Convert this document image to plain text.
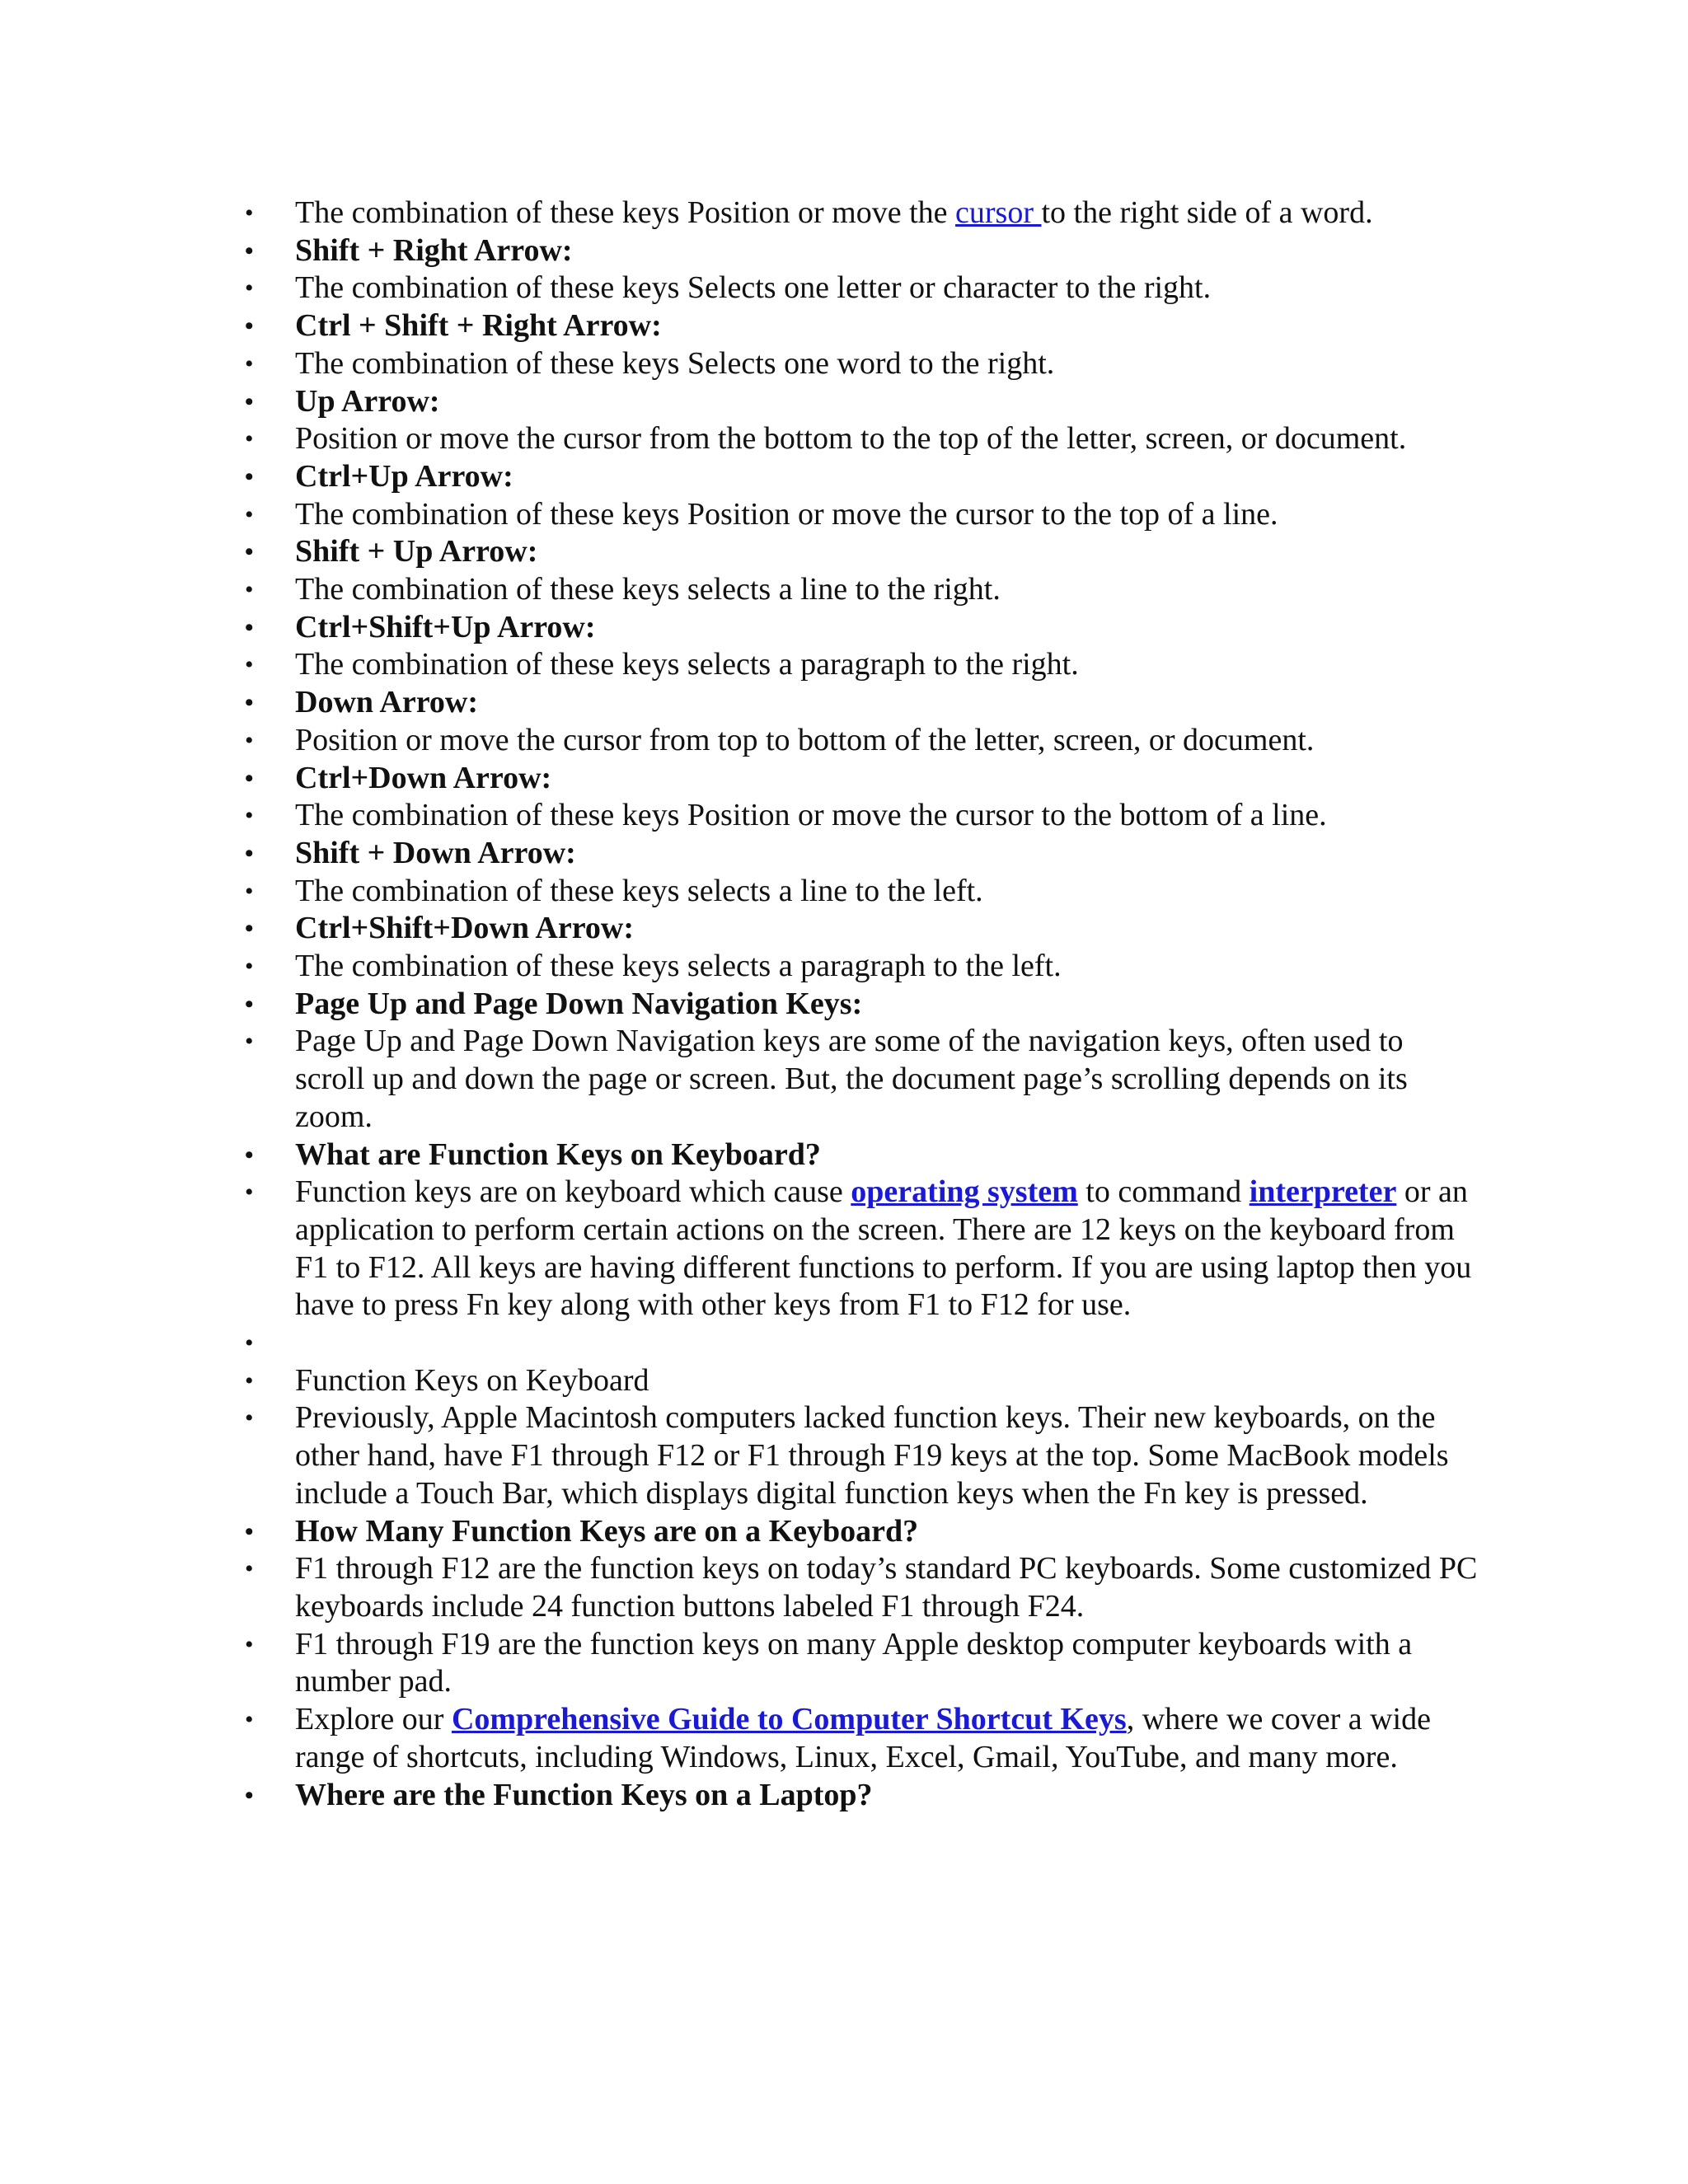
• The combination of these keys Position or move the cursor to the right side of a word.
• Shift + Right Arrow:
• The combination of these keys Selects one letter or character to the right.
• Ctrl + Shift + Right Arrow:
• The combination of these keys Selects one word to the right.
• Up Arrow:
• Position or move the cursor from the bottom to the top of the letter, screen, or document.
• Ctrl+Up Arrow:
• The combination of these keys Position or move the cursor to the top of a line.
• Shift + Up Arrow:
• The combination of these keys selects a line to the right.
• Ctrl+Shift+Up Arrow:
• The combination of these keys selects a paragraph to the right.
• Down Arrow:
• Position or move the cursor from top to bottom of the letter, screen, or document.
• Ctrl+Down Arrow:
• The combination of these keys Position or move the cursor to the bottom of a line.
• Shift + Down Arrow:
• The combination of these keys selects a line to the left.
• Ctrl+Shift+Down Arrow:
• The combination of these keys selects a paragraph to the left.
• Page Up and Page Down Navigation Keys:
• Page Up and Page Down Navigation keys are some of the navigation keys, often used to scroll up and down the page or screen. But, the document page’s scrolling depends on its zoom.
• What are Function Keys on Keyboard?
• Function keys are on keyboard which cause operating system to command interpreter or an application to perform certain actions on the screen. There are 12 keys on the keyboard from F1 to F12. All keys are having different functions to perform. If you are using laptop then you have to press Fn key along with other keys from F1 to F12 for use.
•
• Function Keys on Keyboard
• Previously, Apple Macintosh computers lacked function keys. Their new keyboards, on the other hand, have F1 through F12 or F1 through F19 keys at the top. Some MacBook models include a Touch Bar, which displays digital function keys when the Fn key is pressed.
• How Many Function Keys are on a Keyboard?
• F1 through F12 are the function keys on today’s standard PC keyboards. Some customized PC keyboards include 24 function buttons labeled F1 through F24.
• F1 through F19 are the function keys on many Apple desktop computer keyboards with a number pad.
• Explore our Comprehensive Guide to Computer Shortcut Keys, where we cover a wide range of shortcuts, including Windows, Linux, Excel, Gmail, YouTube, and many more.
• Where are the Function Keys on a Laptop?
